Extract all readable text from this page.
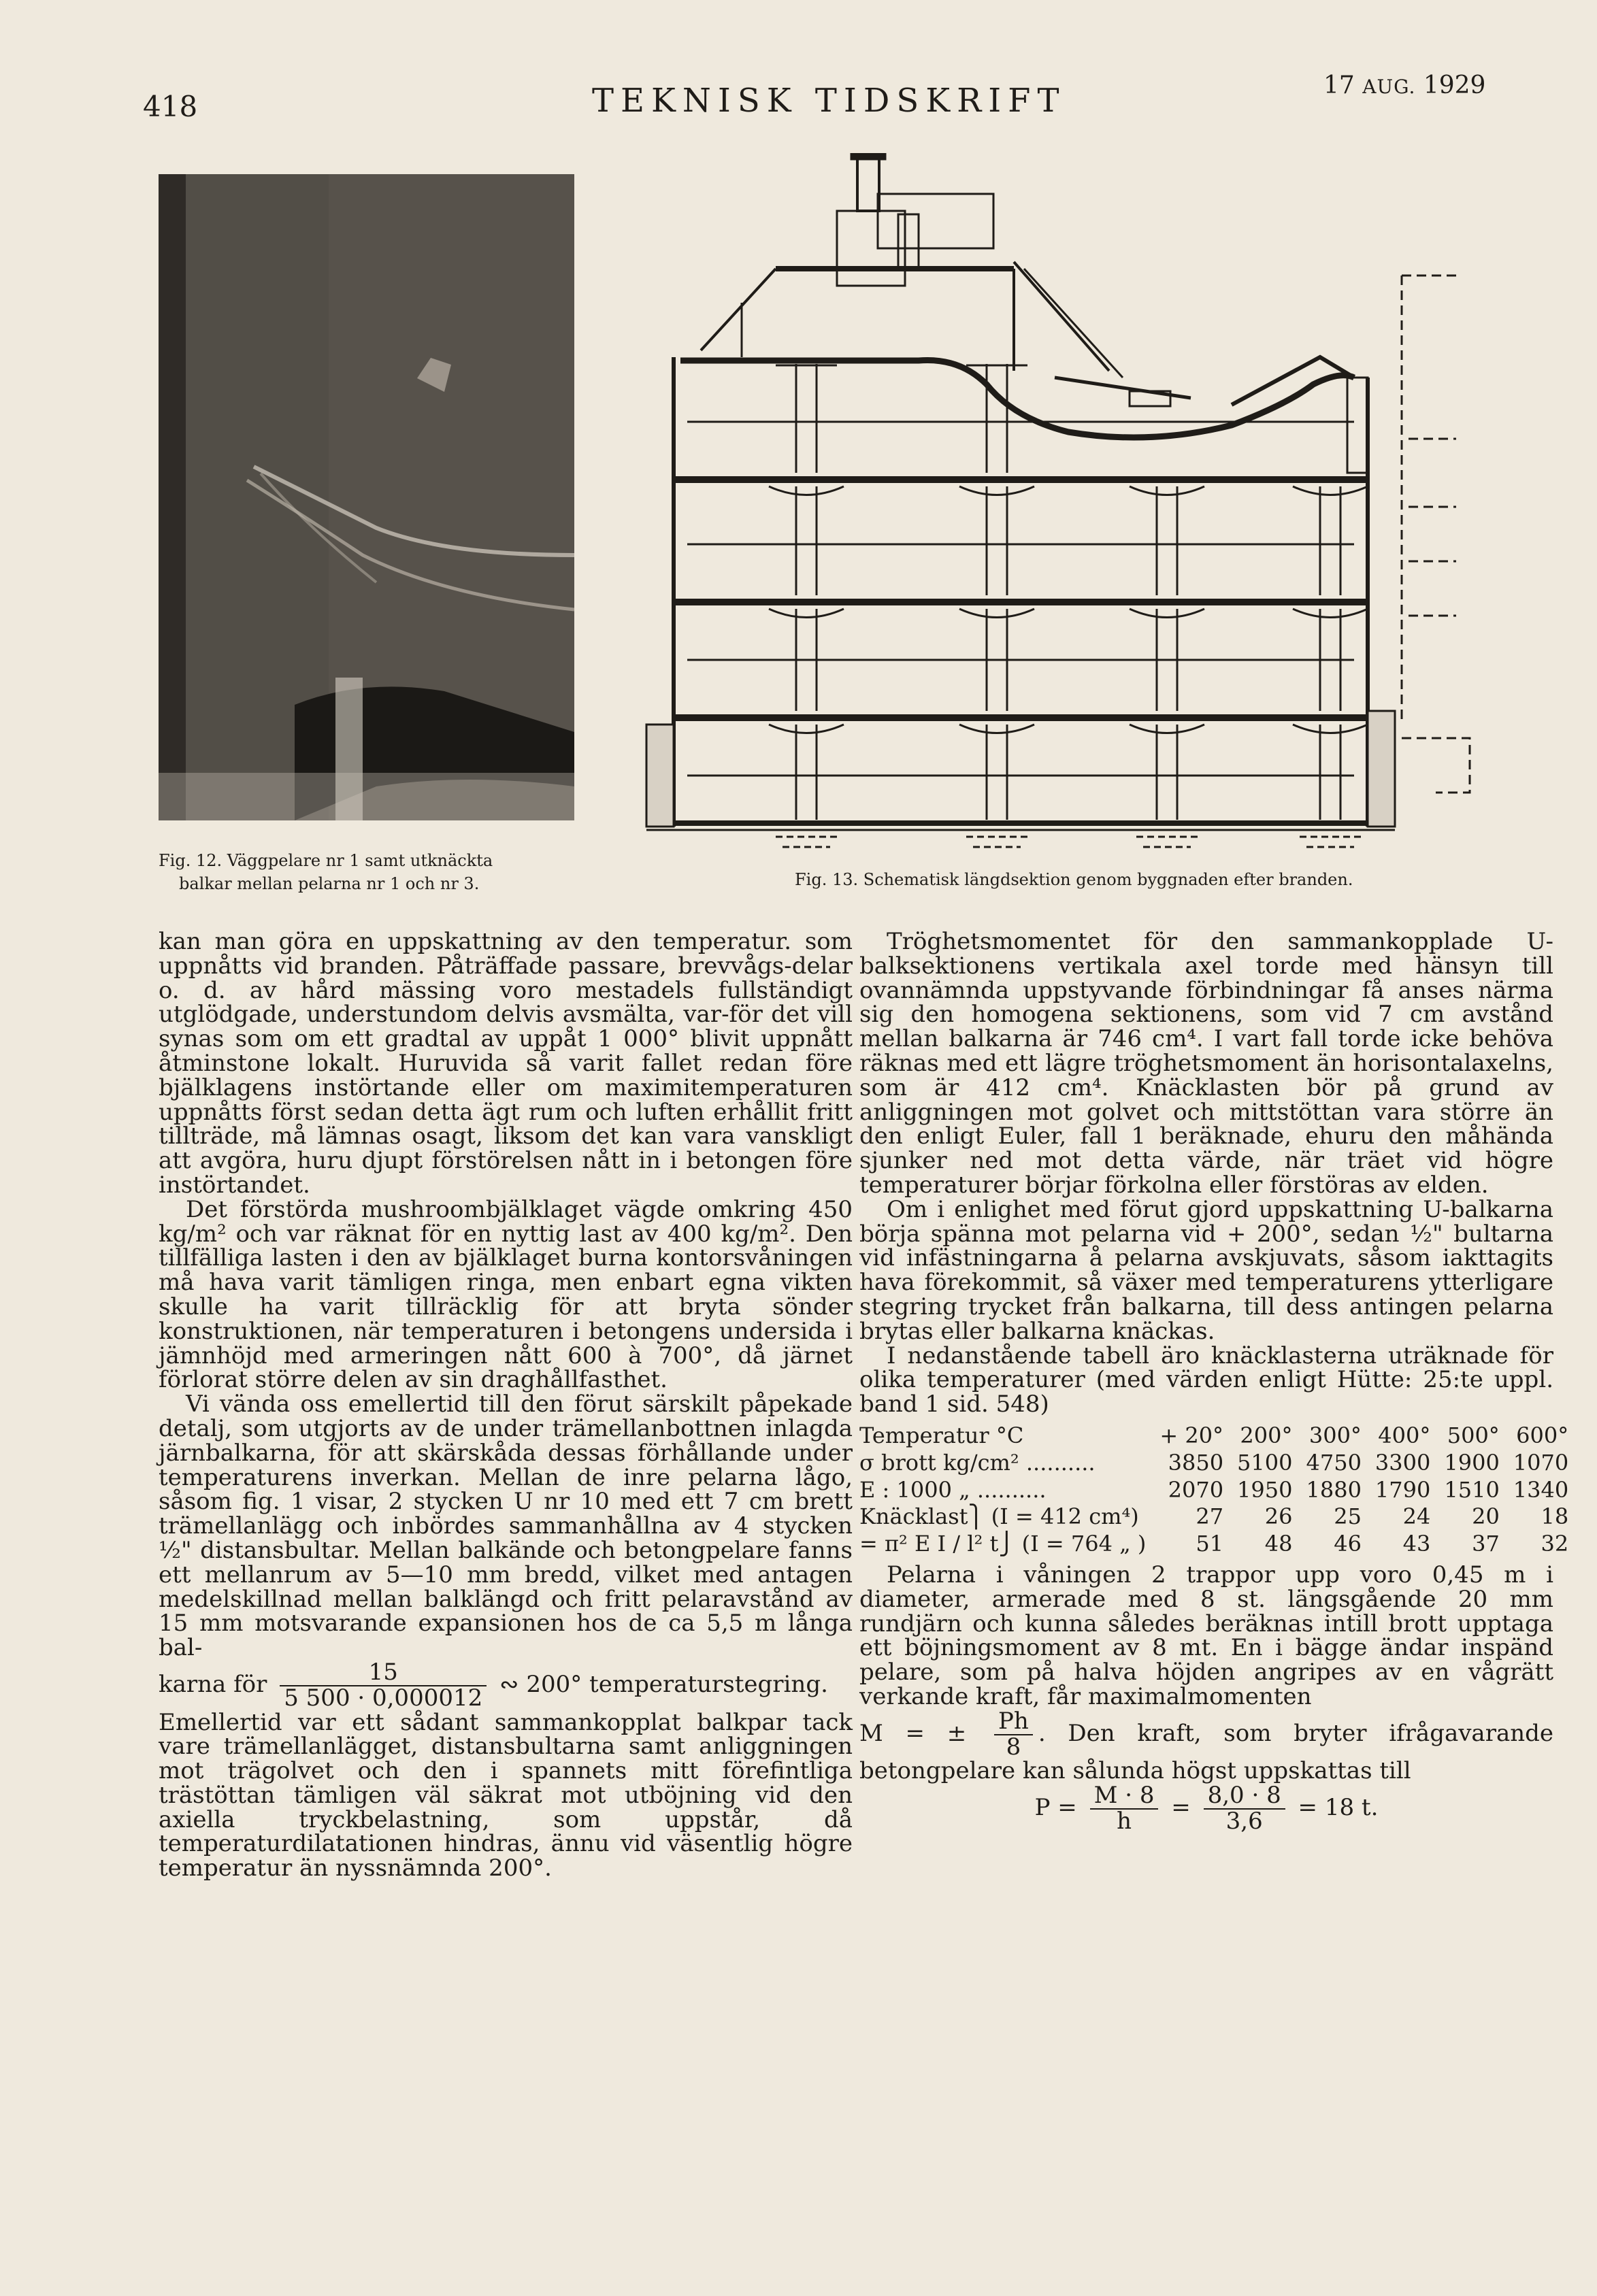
418	TEKNISK TIDSKRIFT	17 AUG. 1929
Fig. 12. Väggpelare nr 1 samt utknäckta
balkar mellan pelarna nr 1 och nr 3.	Fig. 13. Schematisk längdsektion genom byggnaden efter branden.

kan man göra en uppskattning av den temperatur. som uppnåtts vid branden. Påträffade passare, brevvågs-delar o. d. av hård mässing voro mestadels fullständigt utglödgade, understundom delvis avsmälta, var-för det vill synas som om ett gradtal av uppåt 1 000° blivit uppnått åtminstone lokalt. Huruvida så varit fallet redan före bjälklagens instörtande eller om maximitemperaturen uppnåtts först sedan detta ägt rum och luften erhållit fritt tillträde, må lämnas osagt, liksom det kan vara vanskligt att avgöra, huru djupt förstörelsen nått in i betongen före instörtandet.

Det förstörda mushroombjälklaget vägde omkring 450 kg/m² och var räknat för en nyttig last av 400 kg/m². Den tillfälliga lasten i den av bjälklaget burna kontorsvåningen må hava varit tämligen ringa, men enbart egna vikten skulle ha varit tillräcklig för att bryta sönder konstruktionen, när temperaturen i betongens undersida i jämnhöjd med armeringen nått 600 à 700°, då järnet förlorat större delen av sin draghållfasthet.

Vi vända oss emellertid till den förut särskilt påpekade detalj, som utgjorts av de under trämellanbottnen inlagda järnbalkarna, för att skärskåda dessas förhållande under temperaturens inverkan. Mellan de inre pelarna lågo, såsom fig. 1 visar, 2 stycken U nr 10 med ett 7 cm brett trämellanlägg och inbördes sammanhållna av 4 stycken ½" distansbultar. Mellan balkände och betongpelare fanns ett mellanrum av 5—10 mm bredd, vilket med antagen medelskillnad mellan balklängd och fritt pelaravstånd av 15 mm motsvarande expansionen hos de ca 5,5 m långa bal-

karna för $\frac{15}{5 500 \cdot 0,000012}$ ∾ 200° temperaturstegring.

Emellertid var ett sådant sammankopplat balkpar tack vare trämellanlägget, distansbultarna samt anliggningen mot trägolvet och den i spannets mitt förefintliga trästöttan tämligen väl säkrat mot utböjning vid den axiella tryckbelastning, som uppstår, då temperaturdilatationen hindras, ännu vid väsentlig högre temperatur än nyssnämnda 200°.

Tröghetsmomentet för den sammankopplade U-balksektionens vertikala axel torde med hänsyn till ovannämnda uppstyvande förbindningar få anses närma sig den homogena sektionens, som vid 7 cm avstånd mellan balkarna är 746 cm⁴. I vart fall torde icke behöva räknas med ett lägre tröghetsmoment än horisontalaxelns, som är 412 cm⁴. Knäcklasten bör på grund av anliggningen mot golvet och mittstöttan vara större än den enligt Euler, fall 1 beräknade, ehuru den måhända sjunker ned mot detta värde, när träet vid högre temperaturer börjar förkolna eller förstöras av elden.

Om i enlighet med förut gjord uppskattning U-balkarna börja spänna mot pelarna vid + 200°, sedan ½" bultarna vid infästningarna å pelarna avskjuvats, såsom iakttagits hava förekommit, så växer med temperaturens ytterligare stegring trycket från balkarna, till dess antingen pelarna brytas eller balkarna knäckas.

I nedanstående tabell äro knäcklasterna uträknade för olika temperaturer (med värden enligt Hütte: 25:te uppl. band 1 sid. 548)

Temperatur °C	+ 20°	200°	300°	400°	500°	600°
σ brott kg/cm² ..........	3850	5100	4750	3300	1900	1070
E : 1000 „ ..........	2070	1950	1880	1790	1510	1340
Knäcklast⎫ (I = 412 cm⁴)	27	26	25	24	20	18
= π² E I / l² t⎭ (I = 764 „ )	51	48	46	43	37	32

Pelarna i våningen 2 trappor upp voro 0,45 m i diameter, armerade med 8 st. längsgående 20 mm rundjärn och kunna således beräknas intill brott upptaga ett böjningsmoment av 8 mt. En i bägge ändar inspänd pelare, som på halva höjden angripes av en vågrätt verkande kraft, får maximalmomenten

M = ± $\frac{Ph}{8}$ . Den kraft, som bryter ifrågavarande betongpelare kan sålunda högst uppskattas till

$P = \frac{M \cdot 8}{h} = \frac{8,0 \cdot 8}{3,6} = 18$ t.
